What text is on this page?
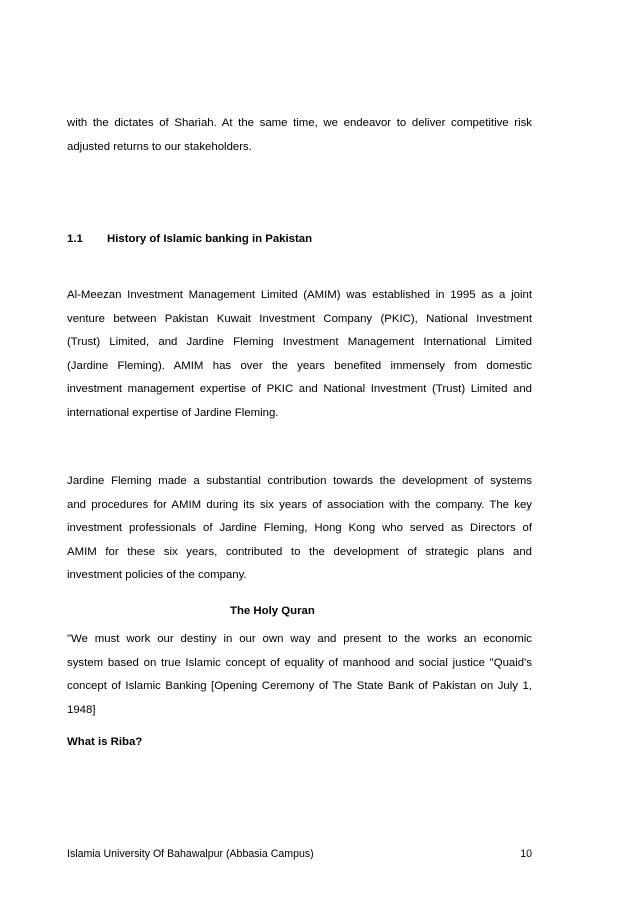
with the dictates of Shariah. At the same time, we endeavor to deliver competitive risk
adjusted returns to our stakeholders.

1.1 History of Islamic banking in Pakistan

Al-Meezan Investment Management Limited (AMIM) was established in 1995 as a joint
venture between Pakistan Kuwait Investment Company (PKIC), National Investment
(Trust) Limited, and Jardine Fleming Investment Management International Limited
(Jardine Fleming). AMIM has over the years benefited immensely from domestic
investment management expertise of PKIC and National Investment (Trust) Limited and
international expertise of Jardine Fleming.

Jardine Fleming made a substantial contribution towards the development of systems
and procedures for AMIM during its six years of association with the company. The key
investment professionals of Jardine Fleming, Hong Kong who served as Directors of
AMIM for these six years, contributed to the development of strategic plans and
investment policies of the company.

The Holy Quran

"We must work our destiny in our own way and present to the works an economic
system based on true Islamic concept of equality of manhood and social justice "Quaid's
concept of Islamic Banking [Opening Ceremony of The State Bank of Pakistan on July 1,
1948]

What is Riba?
Islamia University Of Bahawalpur (Abbasia Campus)	10
